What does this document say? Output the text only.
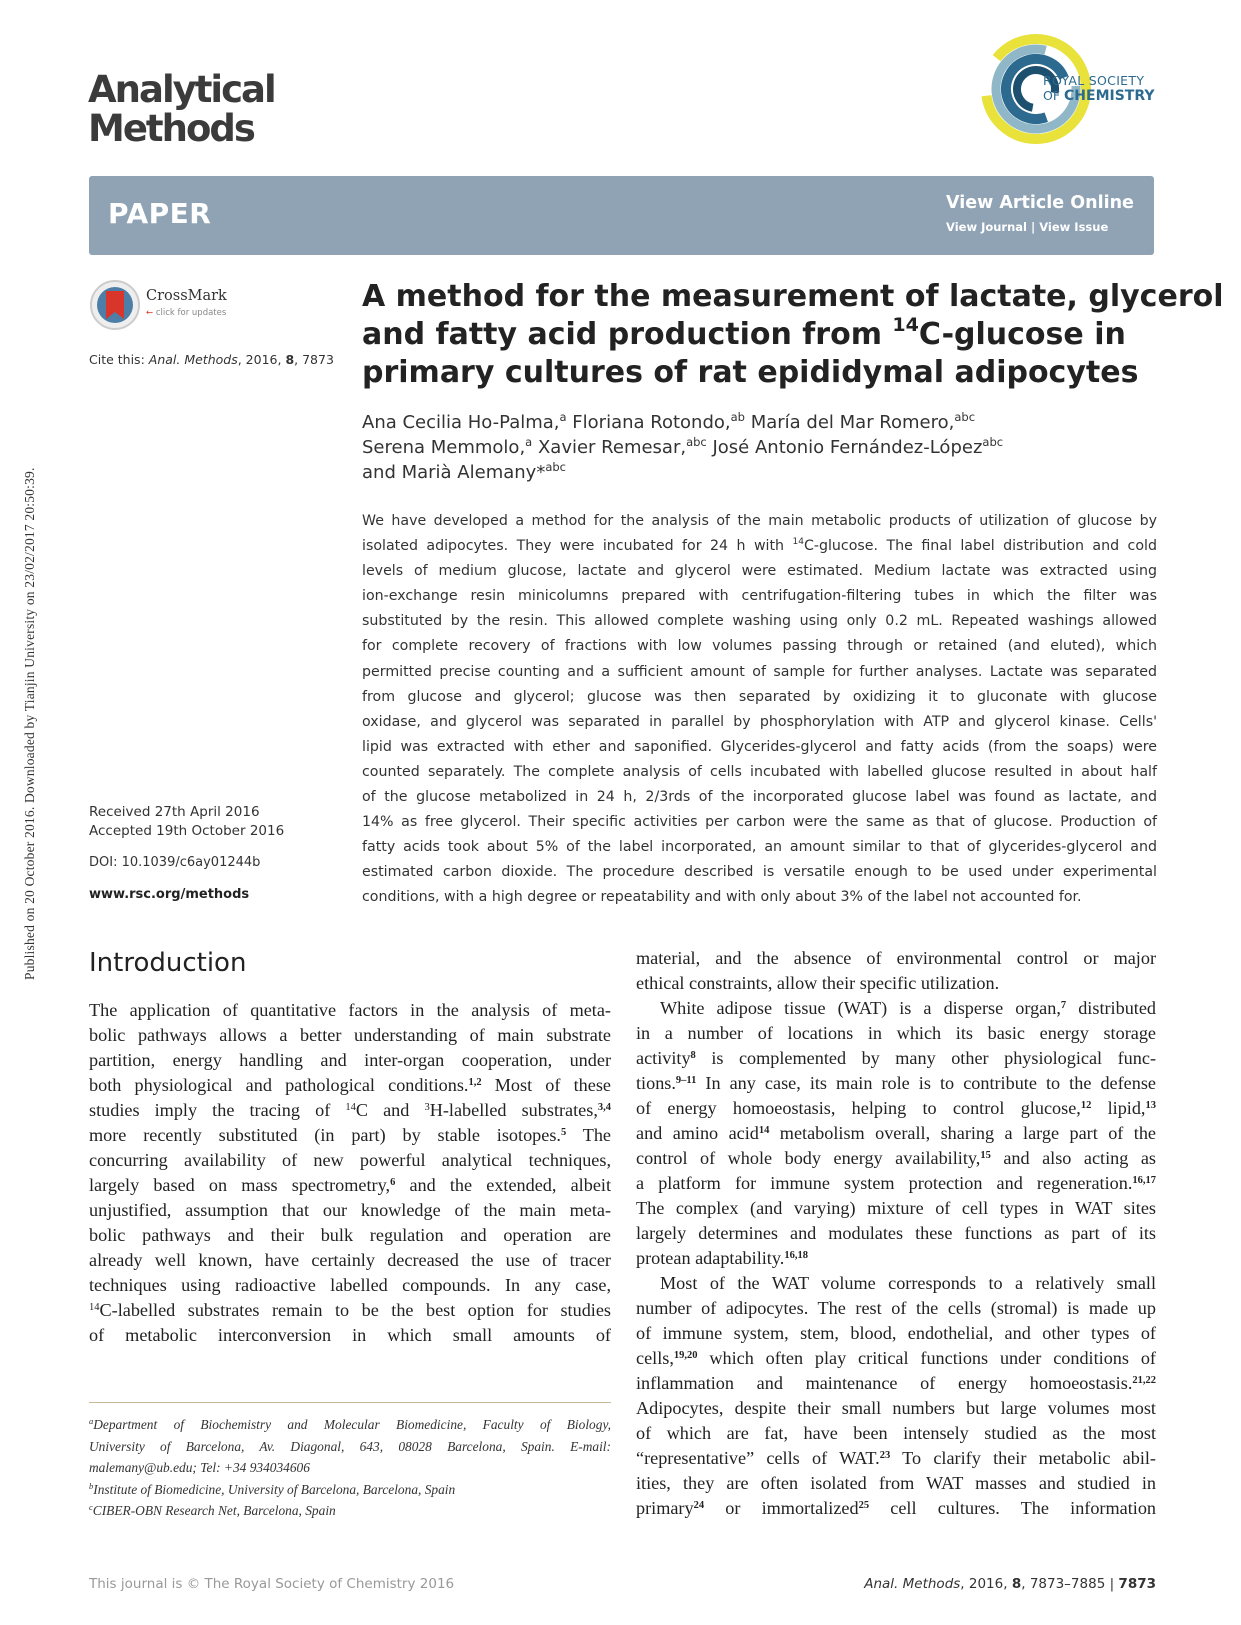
Published on 20 October 2016. Downloaded by Tianjin University on 23/02/2017 20:50:39.
Analytical
Methods
ROYAL SOCIETY
OF CHEMISTRY
PAPER	View Article Online
View Journal | View Issue
CrossMark
← click for updates
Cite this: Anal. Methods, 2016, 8, 7873
A method for the measurement of lactate, glycerol
and fatty acid production from $^{14}$C-glucose in
primary cultures of rat epididymal adipocytes
Ana Cecilia Ho-Palma,$^a$ Floriana Rotondo,$^{ab}$ María del Mar Romero,$^{abc}$
Serena Memmolo,$^a$ Xavier Remesar,$^{abc}$ José Antonio Fernández-López$^{abc}$
and Marià Alemany*$^{abc}$
We have developed a method for the analysis of the main metabolic products of utilization of glucose by
isolated adipocytes. They were incubated for 24 h with $^{14}$C-glucose. The final label distribution and cold
levels of medium glucose, lactate and glycerol were estimated. Medium lactate was extracted using
ion-exchange resin minicolumns prepared with centrifugation-filtering tubes in which the filter was
substituted by the resin. This allowed complete washing using only 0.2 mL. Repeated washings allowed
for complete recovery of fractions with low volumes passing through or retained (and eluted), which
permitted precise counting and a sufficient amount of sample for further analyses. Lactate was separated
from glucose and glycerol; glucose was then separated by oxidizing it to gluconate with glucose
oxidase, and glycerol was separated in parallel by phosphorylation with ATP and glycerol kinase. Cells'
lipid was extracted with ether and saponified. Glycerides-glycerol and fatty acids (from the soaps) were
counted separately. The complete analysis of cells incubated with labelled glucose resulted in about half
of the glucose metabolized in 24 h, 2/3rds of the incorporated glucose label was found as lactate, and
14% as free glycerol. Their specific activities per carbon were the same as that of glucose. Production of
fatty acids took about 5% of the label incorporated, an amount similar to that of glycerides-glycerol and
estimated carbon dioxide. The procedure described is versatile enough to be used under experimental
conditions, with a high degree or repeatability and with only about 3% of the label not accounted for.
Received 27th April 2016
Accepted 19th October 2016
DOI: 10.1039/c6ay01244b
www.rsc.org/methods
Introduction
The application of quantitative factors in the analysis of meta-
bolic pathways allows a better understanding of main substrate
partition, energy handling and inter-organ cooperation, under
both physiological and pathological conditions.$^{1,2}$ Most of these
studies imply the tracing of $^{14}$C and $^3$H-labelled substrates,$^{3,4}$
more recently substituted (in part) by stable isotopes.$^5$ The
concurring availability of new powerful analytical techniques,
largely based on mass spectrometry,$^6$ and the extended, albeit
unjustified, assumption that our knowledge of the main meta-
bolic pathways and their bulk regulation and operation are
already well known, have certainly decreased the use of tracer
techniques using radioactive labelled compounds. In any case,
$^{14}$C-labelled substrates remain to be the best option for studies
of metabolic interconversion in which small amounts of
material, and the absence of environmental control or major
ethical constraints, allow their specific utilization.
White adipose tissue (WAT) is a disperse organ,$^7$ distributed
in a number of locations in which its basic energy storage
activity$^8$ is complemented by many other physiological func-
tions.$^{9-11}$ In any case, its main role is to contribute to the defense
of energy homoeostasis, helping to control glucose,$^{12}$ lipid,$^{13}$
and amino acid$^{14}$ metabolism overall, sharing a large part of the
control of whole body energy availability,$^{15}$ and also acting as
a platform for immune system protection and regeneration.$^{16,17}$
The complex (and varying) mixture of cell types in WAT sites
largely determines and modulates these functions as part of its
protean adaptability.$^{16,18}$
Most of the WAT volume corresponds to a relatively small
number of adipocytes. The rest of the cells (stromal) is made up
of immune system, stem, blood, endothelial, and other types of
cells,$^{19,20}$ which often play critical functions under conditions of
inflammation and maintenance of energy homoeostasis.$^{21,22}$
Adipocytes, despite their small numbers but large volumes most
of which are fat, have been intensely studied as the most
“representative” cells of WAT.$^{23}$ To clarify their metabolic abil-
ities, they are often isolated from WAT masses and studied in
primary$^{24}$ or immortalized$^{25}$ cell cultures. The information
$^a$Department of Biochemistry and Molecular Biomedicine, Faculty of Biology,
University of Barcelona, Av. Diagonal, 643, 08028 Barcelona, Spain. E-mail:
malemany@ub.edu; Tel: +34 934034606
$^b$Institute of Biomedicine, University of Barcelona, Barcelona, Spain
$^c$CIBER-OBN Research Net, Barcelona, Spain
This journal is © The Royal Society of Chemistry 2016	Anal. Methods, 2016, 8, 7873–7885 | 7873
